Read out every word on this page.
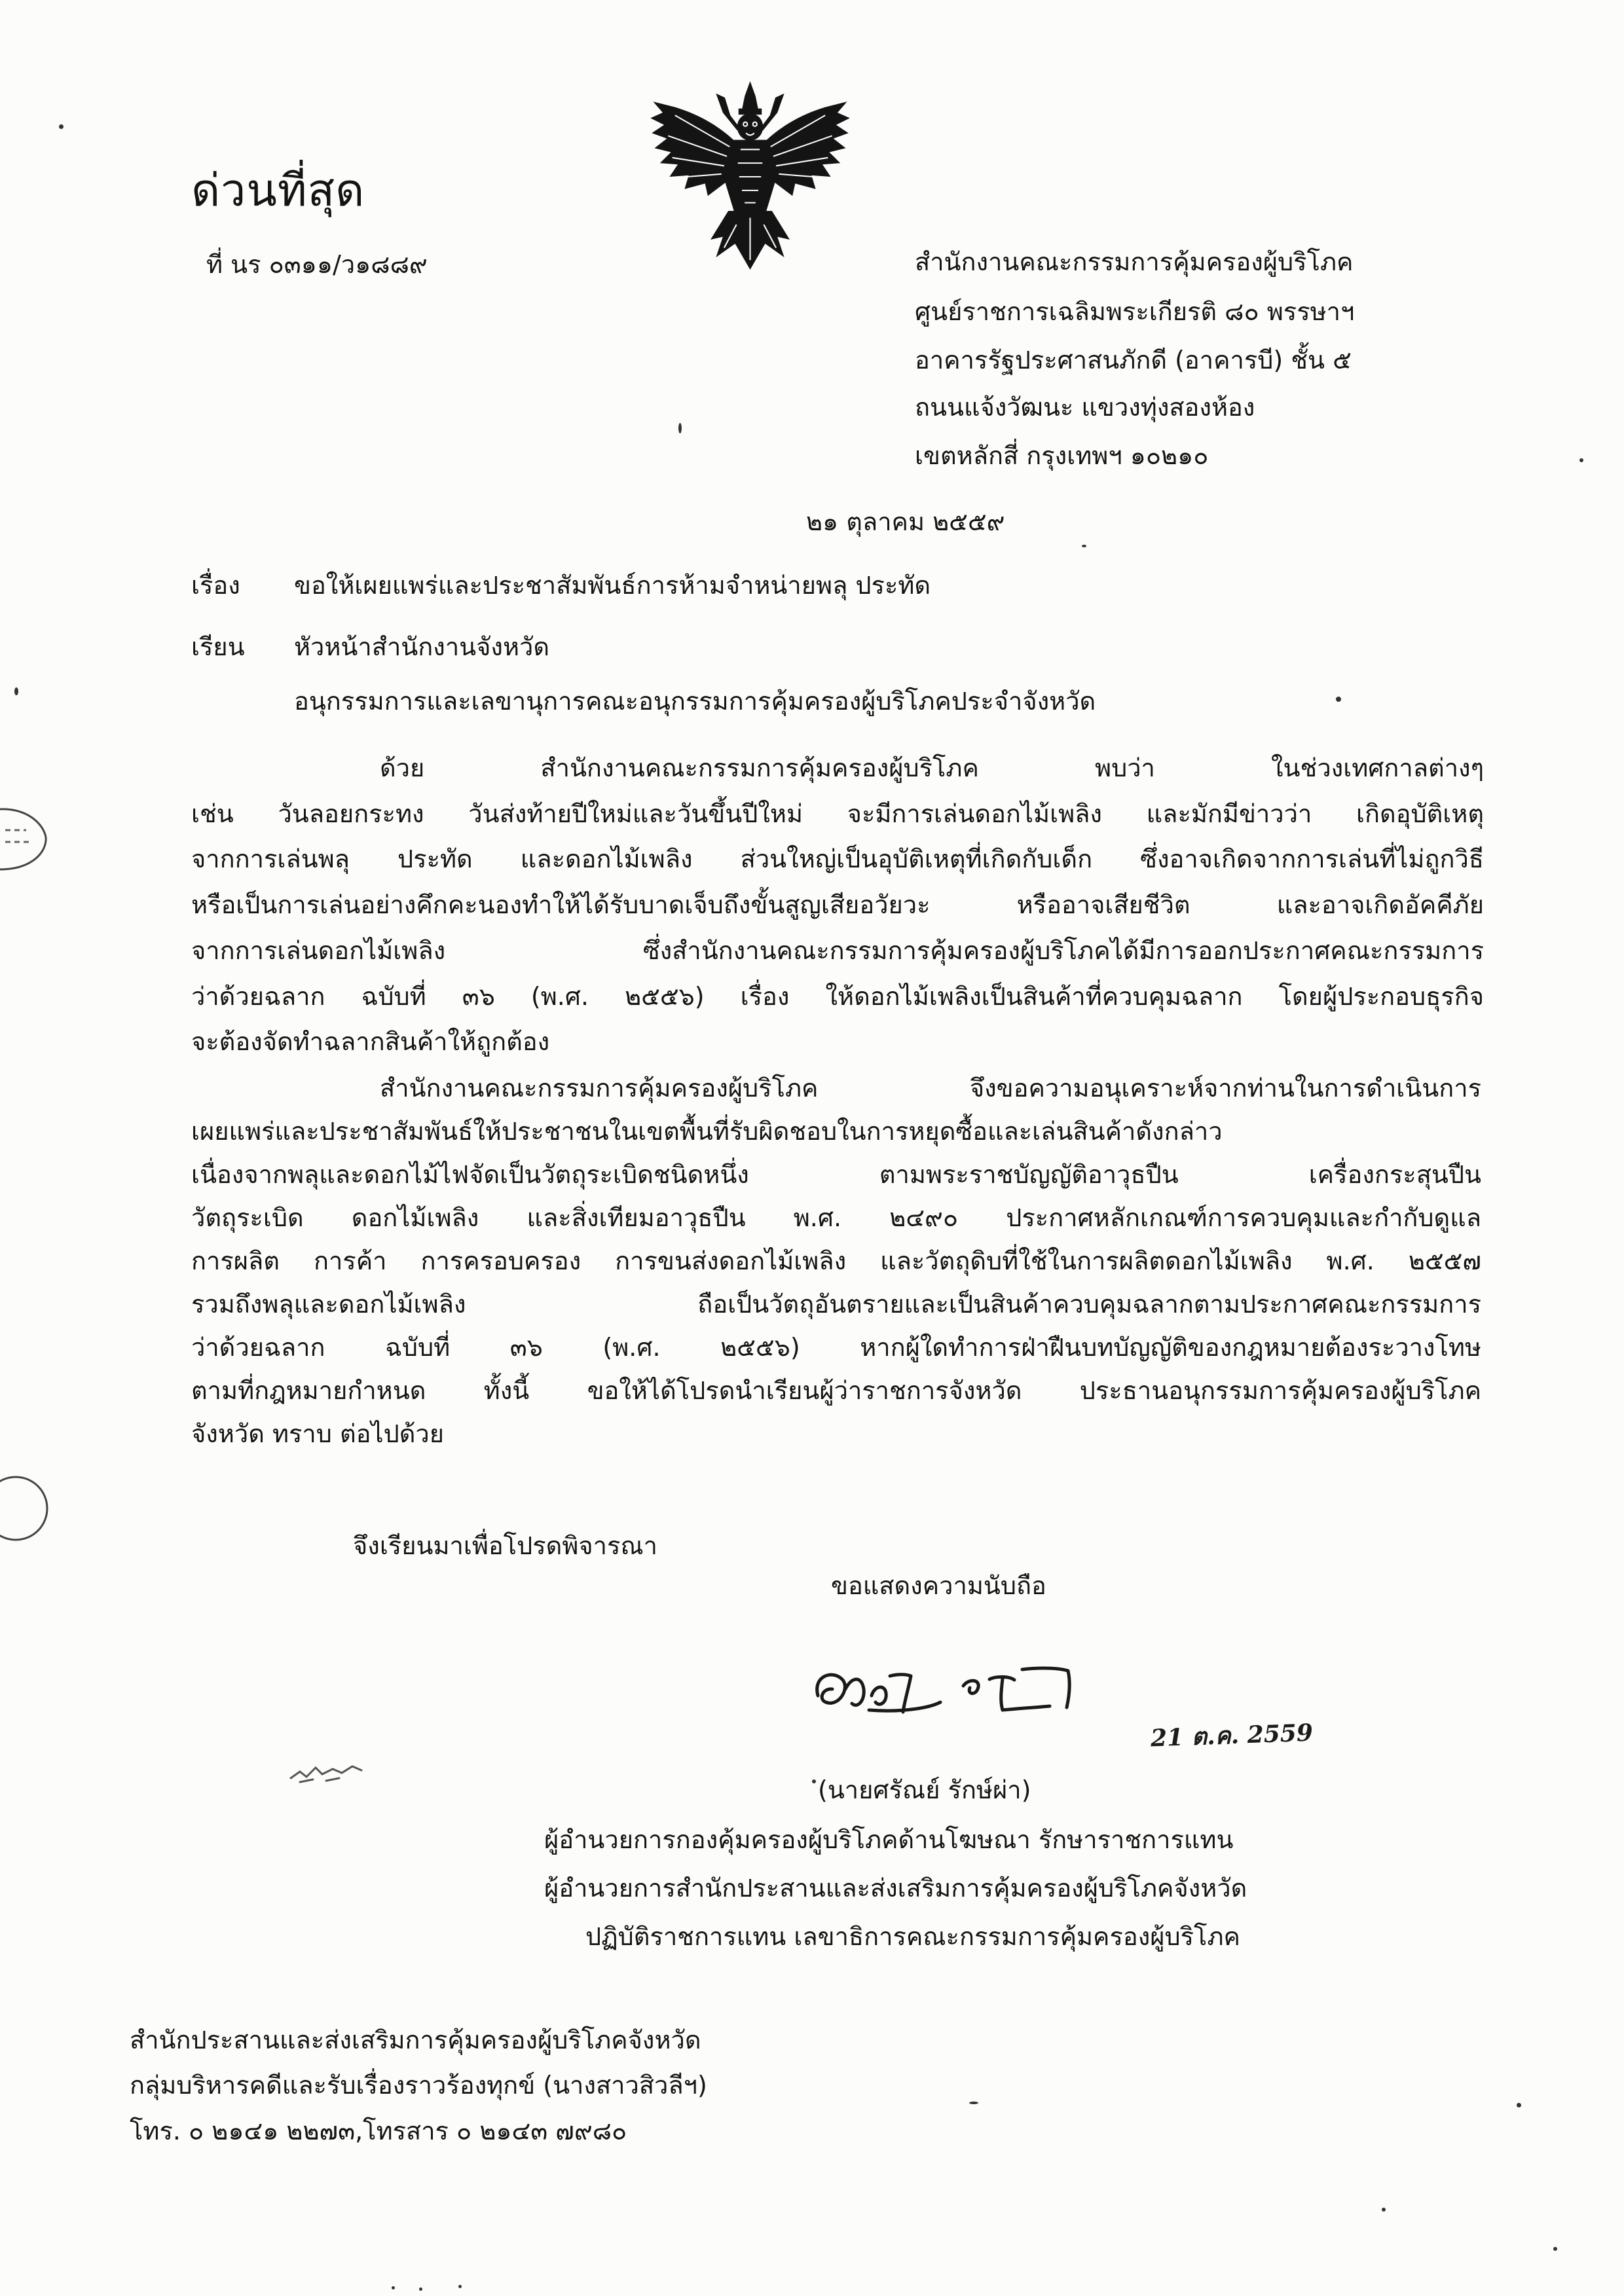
ด่วนที่สุด
ที่ นร ๐๓๑๑/ว๑๘๘๙	สำนักงานคณะกรรมการคุ้มครองผู้บริโภค
ศูนย์ราชการเฉลิมพระเกียรติ ๘๐ พรรษาฯ
อาคารรัฐประศาสนภักดี (อาคารบี) ชั้น ๕
ถนนแจ้งวัฒนะ แขวงทุ่งสองห้อง
เขตหลักสี่ กรุงเทพฯ ๑๐๒๑๐
๒๑ ตุลาคม ๒๕๕๙
เรื่อง ขอให้เผยแพร่และประชาสัมพันธ์การห้ามจำหน่ายพลุ ประทัด
เรียน หัวหน้าสำนักงานจังหวัด
อนุกรรมการและเลขานุการคณะอนุกรรมการคุ้มครองผู้บริโภคประจำจังหวัด
ด้วย สำนักงานคณะกรรมการคุ้มครองผู้บริโภค พบว่า ในช่วงเทศกาลต่างๆ
เช่น วันลอยกระทง วันส่งท้ายปีใหม่และวันขึ้นปีใหม่ จะมีการเล่นดอกไม้เพลิง และมักมีข่าวว่า เกิดอุบัติเหตุ
จากการเล่นพลุ ประทัด และดอกไม้เพลิง ส่วนใหญ่เป็นอุบัติเหตุที่เกิดกับเด็ก ซึ่งอาจเกิดจากการเล่นที่ไม่ถูกวิธี
หรือเป็นการเล่นอย่างคึกคะนองทำให้ได้รับบาดเจ็บถึงขั้นสูญเสียอวัยวะ หรืออาจเสียชีวิต และอาจเกิดอัคคีภัย
จากการเล่นดอกไม้เพลิง ซึ่งสำนักงานคณะกรรมการคุ้มครองผู้บริโภคได้มีการออกประกาศคณะกรรมการ
ว่าด้วยฉลาก ฉบับที่ ๓๖ (พ.ศ. ๒๕๕๖) เรื่อง ให้ดอกไม้เพลิงเป็นสินค้าที่ควบคุมฉลาก โดยผู้ประกอบธุรกิจ
จะต้องจัดทำฉลากสินค้าให้ถูกต้อง
สำนักงานคณะกรรมการคุ้มครองผู้บริโภค จึงขอความอนุเคราะห์จากท่านในการดำเนินการ
เผยแพร่และประชาสัมพันธ์ให้ประชาชนในเขตพื้นที่รับผิดชอบในการหยุดซื้อและเล่นสินค้าดังกล่าว
เนื่องจากพลุและดอกไม้ไฟจัดเป็นวัตถุระเบิดชนิดหนึ่ง ตามพระราชบัญญัติอาวุธปืน เครื่องกระสุนปืน
วัตถุระเบิด ดอกไม้เพลิง และสิ่งเทียมอาวุธปืน พ.ศ. ๒๔๙๐ ประกาศหลักเกณฑ์การควบคุมและกำกับดูแล
การผลิต การค้า การครอบครอง การขนส่งดอกไม้เพลิง และวัตถุดิบที่ใช้ในการผลิตดอกไม้เพลิง พ.ศ. ๒๕๕๗
รวมถึงพลุและดอกไม้เพลิง ถือเป็นวัตถุอันตรายและเป็นสินค้าควบคุมฉลากตามประกาศคณะกรรมการ
ว่าด้วยฉลาก ฉบับที่ ๓๖ (พ.ศ. ๒๕๕๖) หากผู้ใดทำการฝ่าฝืนบทบัญญัติของกฎหมายต้องระวางโทษ
ตามที่กฎหมายกำหนด ทั้งนี้ ขอให้ได้โปรดนำเรียนผู้ว่าราชการจังหวัด ประธานอนุกรรมการคุ้มครองผู้บริโภค
จังหวัด ทราบ ต่อไปด้วย
จึงเรียนมาเพื่อโปรดพิจารณา
ขอแสดงความนับถือ
21 ต.ค. 2559
(นายศรัณย์ รักษ์ผ่า)
ผู้อำนวยการกองคุ้มครองผู้บริโภคด้านโฆษณา รักษาราชการแทน
ผู้อำนวยการสำนักประสานและส่งเสริมการคุ้มครองผู้บริโภคจังหวัด
ปฏิบัติราชการแทน เลขาธิการคณะกรรมการคุ้มครองผู้บริโภค
สำนักประสานและส่งเสริมการคุ้มครองผู้บริโภคจังหวัด
กลุ่มบริหารคดีและรับเรื่องราวร้องทุกข์ (นางสาวสิวลีฯ)
โทร. ๐ ๒๑๔๑ ๒๒๗๓,โทรสาร ๐ ๒๑๔๓ ๗๙๘๐
